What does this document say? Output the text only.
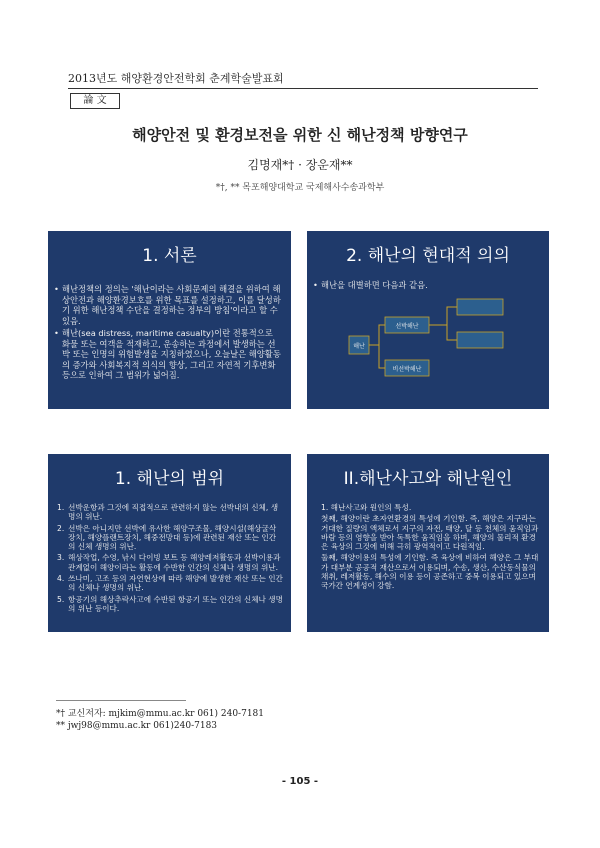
2013년도 해양환경안전학회 춘계학술발표회
論 文
해양안전 및 환경보전을 위한 신 해난정책 방향연구
김명재*† · 장운재**
*†, ** 목포해양대학교 국제해사수송과학부
1. 서론
• 해난정책의 정의는 '해난이라는 사회문제의 해결을 위하여 해상안전과 해양환경보호를 위한 목표를 설정하고, 이를 달성하기 위한 해난정책 수단을 결정하는 정부의 방침'이라고 할 수 있음.
• 해난(sea distress, maritime casualty)이란 전통적으로 화물 또는 여객을 적재하고, 운송하는 과정에서 발생하는 선박 또는 인명의 위험발생을 지칭하였으나, 오늘날은 해양활동의 증가와 사회복지적 의식의 향상, 그리고 자연적 기후변화 등으로 인하여 그 범위가 넓어짐.
2. 해난의 현대적 의의
• 해난을 대별하면 다음과 같음.
해난
선박해난
비선박해난
1. 해난의 범위
1. 선박운항과 그것에 직접적으로 관련하지 않는 선박내의 신체, 생명의 위난.
2. 선박은 아니지만 선박에 유사한 해양구조물, 해양시설(해상굴삭장치, 해양플랜트장치, 해중전망대 등)에 관련된 재산 또는 인간의 신체 생명의 위난.
3. 해상작업, 수영, 낚시 다이빙 보트 등 해양레저활동과 선박이용과 관계없이 해양이라는 활동에 수반한 인간의 신체나 생명의 위난.
4. 쓰나미, 고조 등의 자연현상에 따라 해양에 발생한 재산 또는 인간의 신체나 생명의 위난.
5. 항공기의 해상추락사고에 수반된 항공기 또는 인간의 신체나 생명의 위난 등이다.
II.해난사고와 해난원인

1. 해난사고와 원인의 특성.

첫째, 해양이란 초자연환경의 특성에 기인함. 즉, 해양은 지구라는 거대한 질량의 액체로서 지구의 자전, 태양, 달 등 천체의 움직임과 바람 등의 영향을 받아 독특한 움직임을 하며, 해양의 물리적 환경은 육상의 그것에 비해 극히 광역적이고 다원적임.

둘째, 해양이용의 특성에 기인함. 즉 육상에 비하여 해양은 그 부대가 대부분 공공적 재산으로서 이용되며, 수송, 생산, 수산동식물의 채취, 레저활동, 해수의 이용 등이 공존하고 중복 이용되고 있으며 국가간 연계성이 강함.

*† 교신저자: mjkim@mmu.ac.kr 061) 240-7181
** jwj98@mmu.ac.kr 061)240-7183
- 105 -
